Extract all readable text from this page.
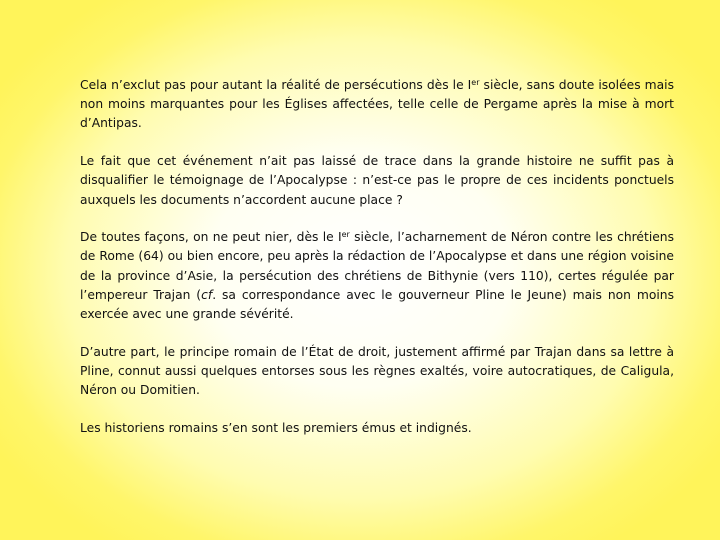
Cela n’exclut pas pour autant la réalité de persécutions dès le Ier siècle, sans doute isolées mais non moins marquantes pour les Églises affectées, telle celle de Pergame après la mise à mort d’Antipas.

Le fait que cet événement n’ait pas laissé de trace dans la grande histoire ne suffit pas à disqualifier le témoignage de l’Apocalypse : n’est-ce pas le propre de ces incidents ponctuels auxquels les documents n’accordent aucune place ?

De toutes façons, on ne peut nier, dès le Ier siècle, l’acharnement de Néron contre les chrétiens de Rome (64) ou bien encore, peu après la rédaction de l’Apocalypse et dans une région voisine de la province d’Asie, la persécution des chrétiens de Bithynie (vers 110), certes régulée par l’empereur Trajan (cf. sa correspondance avec le gouverneur Pline le Jeune) mais non moins exercée avec une grande sévérité.

D’autre part, le principe romain de l’État de droit, justement affirmé par Trajan dans sa lettre à Pline, connut aussi quelques entorses sous les règnes exaltés, voire autocratiques, de Caligula, Néron ou Domitien.

Les historiens romains s’en sont les premiers émus et indignés.
